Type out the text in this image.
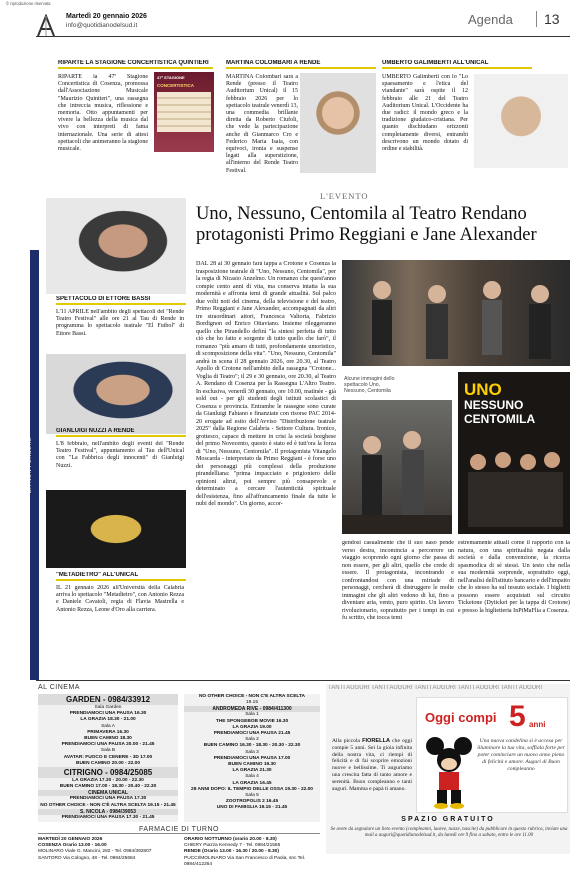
© riproduzione riservata
Martedì 20 gennaio 2026
info@quotidianodelsud.it	Agenda	13
RIPARTE LA STAGIONE CONCERTISTICA QUINTIERI
RIPARTE la 47ª Stagione Concertistica di Cosenza, promossa dall'Associazione Musicale "Maurizio Quintieri", una rassegna che intreccia musica, riflessione e memoria. Otto appuntamenti per vivere la bellezza della musica dal vivo con interpreti di fama internazionale. Una serie di attesi spettacoli che animeranno la stagione musicale.
47ª STAGIONE
CONCERTISTICA
MARTINA COLOMBARI A RENDE
MARTINA Colombari sarà a Rende (presso il Teatro Auditorium Unical) il 15 febbraio 2026 per lo spettacolo teatrale venerdì 13, una commedia brillante diretta da Roberto Ciufoli, che vede la partecipazione anche di Gianmarco Cro e Federico Maria Isaia, con equivoci, ironia e suspense legati alla superstizione, all'interno del Rende Teatro Festival.
UMBERTO GALIMBERTI ALL'UNICAL
UMBERTO Galimberti con lo "Lo spaesamento e l'etica del viandante" sarà ospite il 12 febbraio alle 21 del Teatro Auditorium Unical. L'Occidente ha due radici: il mondo greco e la tradizione giudaico-cristiana. Per quanto dischiudano orizzonti completamente diversi, entrambi descrivono un mondo dotato di ordine e stabilità.
DA NON PERDERE
SPETTACOLO DI ETTORE BASSI
L'11 APRILE nell'ambito degli spettacoli del "Rende Teatro Festival" alle ore 21 al Tau di Rende in programma lo spettacolo teatrale "El Futbol" di Ettore Bassi.
GIANLUIGI NUZZI A RENDE
L'8 febbraio, nell'ambito degli eventi del "Rende Teatro Festival", appuntamento al Tau dell'Unical con "La Fabbrica degli innocenti" di Gianluigi Nuzzi.
"METADIETRO" ALL'UNICAL
IL 21 gennaio 2026 all'Università della Calabria arriva lo spettacolo "Metadietro", con Antonio Rezza e Daniele Cavaioli, regia di Flavia Mastrella e Antonio Rezza, Leone d'Oro alla carriera.
L'EVENTO
Uno, Nessuno, Centomila al Teatro Rendano protagonisti Primo Reggiani e Jane Alexander
DAL 28 al 30 gennaio farà tappa a Crotone e Cosenza la trasposizione teatrale di "Uno, Nessuno, Centomila", per la regia di Nicasio Anzelmo. Un romanzo che quest'anno compie cento anni di vita, ma conserva intatta la sua modernità e affronta temi di grande attualità. Sul palco due volti noti del cinema, della televisione e del teatro, Primo Reggiani e Jane Alexander, accompagnati da altri tre straordinari attori, Francesca Valtorta, Fabrizio Bordignon ed Enrico Ottaviano. Insieme rileggeranno quello che Pirandello definì "la sintesi perfetta di tutto ciò che ho fatto e sorgente di tutto quello che farò", il romanzo "più amaro di tutti, profondamente umoristico, di scomposizione della vita". "Uno, Nessuno, Centomila" andrà in scena il 28 gennaio 2026, ore 20.30, al Teatro Apollo di Crotone nell'ambito della rassegna "Crotone... Voglia di Teatro"; il 29 e 30 gennaio, ore 20.30, al Teatro A. Rendano di Cosenza per la Rassegna L'Altro Teatro. In esclusiva, venerdì 30 gennaio, ore 10.00, matinée - già sold out - per gli studenti degli istituti scolastici di Cosenza e provincia. Entrambe le rassegne sono curate da Gianluigi Fabiano e finanziate con risorse PAC 2014-20 erogate ad esito dell'Avviso "Distribuzione teatrale 2025" dalla Regione Calabria - Settore Cultura. Ironico, grottesco, capace di mettere in crisi la società borghese del primo Novecento, questo è stato ed è tutt'ora la forza di "Uno, Nessuno, Centomila". Il protagonista Vitangelo Moscarda - interpretato da Primo Reggiani - è forse uno dei personaggi più complessi della produzione pirandelliana: "prima impacciato e prigioniero delle opinioni altrui, poi sempre più consapevole e determinato a cercare l'autenticità spirituale dell'esistenza, fino all'affrancamento finale da tutte le nubi del mondo". Un giorno, accor-
Alcune immagini dello spettacolo Uno, Nessuno, Centomila	UNO
NESSUNO
CENTOMILA
gendosi casualmente che il suo naso pende verso destra, incomincia a percorrere un viaggio scoprendo ogni giorno che passa di non essere, per gli altri, quello che crede di essere. Il protagonista, incontrando e confrontandosi con una miriade di personaggi, cercherà di distruggere le molte immagini che gli altri vedono di lui, fino a diventare aria, vento, puro spirito. Un lavoro rivoluzionario, soprattutto per i tempi in cui fu scritto, che tocca temi
estremamente attuali come il rapporto con la natura, con una spiritualità negata dalla società e dalla convenzione, la ricerca spasmodica di sé stessi. Un testo che nella sua modernità sorprende, soprattutto oggi, nell'analisi dell'istituto bancario e dell'impatto che lo stesso ha sul tessuto sociale. I biglietti possono essere acquistati sul circuito Ticketone (Dyticket per la tappa di Crotone) e presso la biglietteria InPiMaFlia a Cosenza.
AL CINEMA
GARDEN - 0984/33912
Sala Garden
PRENDIAMOCI UNA PAUSA 16.30
LA GRAZIA 18.30 - 21.00
Sala A
PRIMAVERA 16.30
BUEN CAMINO 18.30
PRENDIAMOCI UNA PAUSA 20.00 - 21.45
Sala B
AVATAR: FUOCO E CENERE - 3D 17.00
BUEN CAMINO 20.00 - 22.00
CITRIGNO - 0984/25085
LA GRAZIA 17.30 - 20.00 - 22.30
BUEN CAMINO 17.00 - 18.30 - 20.40 - 22.30
CINEMA UNICAL
PRENDIAMOCI UNA PAUSA 17.30
NO OTHER CHOICE - NON C'È ALTRA SCELTA 19.15 - 21.45
S. NICOLA - 0984/39053
PRENDIAMOCI UNA PAUSA 17.30 - 21.45
NO OTHER CHOICE - NON C'È ALTRA SCELTA
19.15
ANDROMEDA RIVE - 0984/411300
Sala 1
THE SPONGEBOB MOVIE 16.30
LA GRAZIA 19.00
PRENDIAMOCI UNA PAUSA 21.45
Sala 2
BUEN CAMINO 16.30 - 18.30 - 20.30 - 22.30
Sala 3
PRENDIAMOCI UNA PAUSA 17.00
BUEN CAMINO 19.30
LA GRAZIA 21.30
Sala 4
LA GRAZIA 16.45
28 ANNI DOPO: IL TEMPIO DELLE OSSA 19.30 - 22.00
Sala 5
ZOOTROPOLIS 2 16.45
UNO DI FAMIGLIA 19.15 - 21.45
FARMACIE DI TURNO
MARTEDÌ 20 GENNAIO 2026
COSENZA Orario 13.00 - 16.00
MOLINARO Viale G. Mancini, 282 - Tel. 0984/392807
SANTORO Via Cologno, 48 - Tel. 0984/25684
ORARIO NOTTURNO (orario 20.00 - 8.30)
CHIERY Piazza Kennedy 7 - Tel. 0984/21585
RENDE (Orario 13.00 - 16.30 / 20.00 - 8.30)
PUCCI/MOLINARO Via San Francesco di Paola, snc Tel. 0984/412264
TANTI AUGURI TANTI AUGURI TANTI AUGURI TANTI AUGURI TANTI AUGURI
Alla piccola FIORELLA che oggi compie 5 anni. Sei la gioia infinita della nostra vita, ci riempi di felicità e di fai scoprire emozioni nuove e bellissime. Ti auguriamo una crescita fatta di tanto amore e serenità. Buon compleanno e tanti auguri. Mamma e papà ti amano.
Oggi compi 5 anni
Una nuova candelina si è accesa per illuminare la tua vita, soffiala forte per poter cominciare un nuovo anno pieno di felicità e amore. Auguri di Buon compleanno
SPAZIO GRATUITO
Se avete da segnalare un lieto evento (compleanni, lauree, nozze, nascite) da pubblicare in questo rubrica, inviate una mail a auguri@quotidianodelsud.it, da lunedì ore 9 fino a sabato, entro le ore 11.00
